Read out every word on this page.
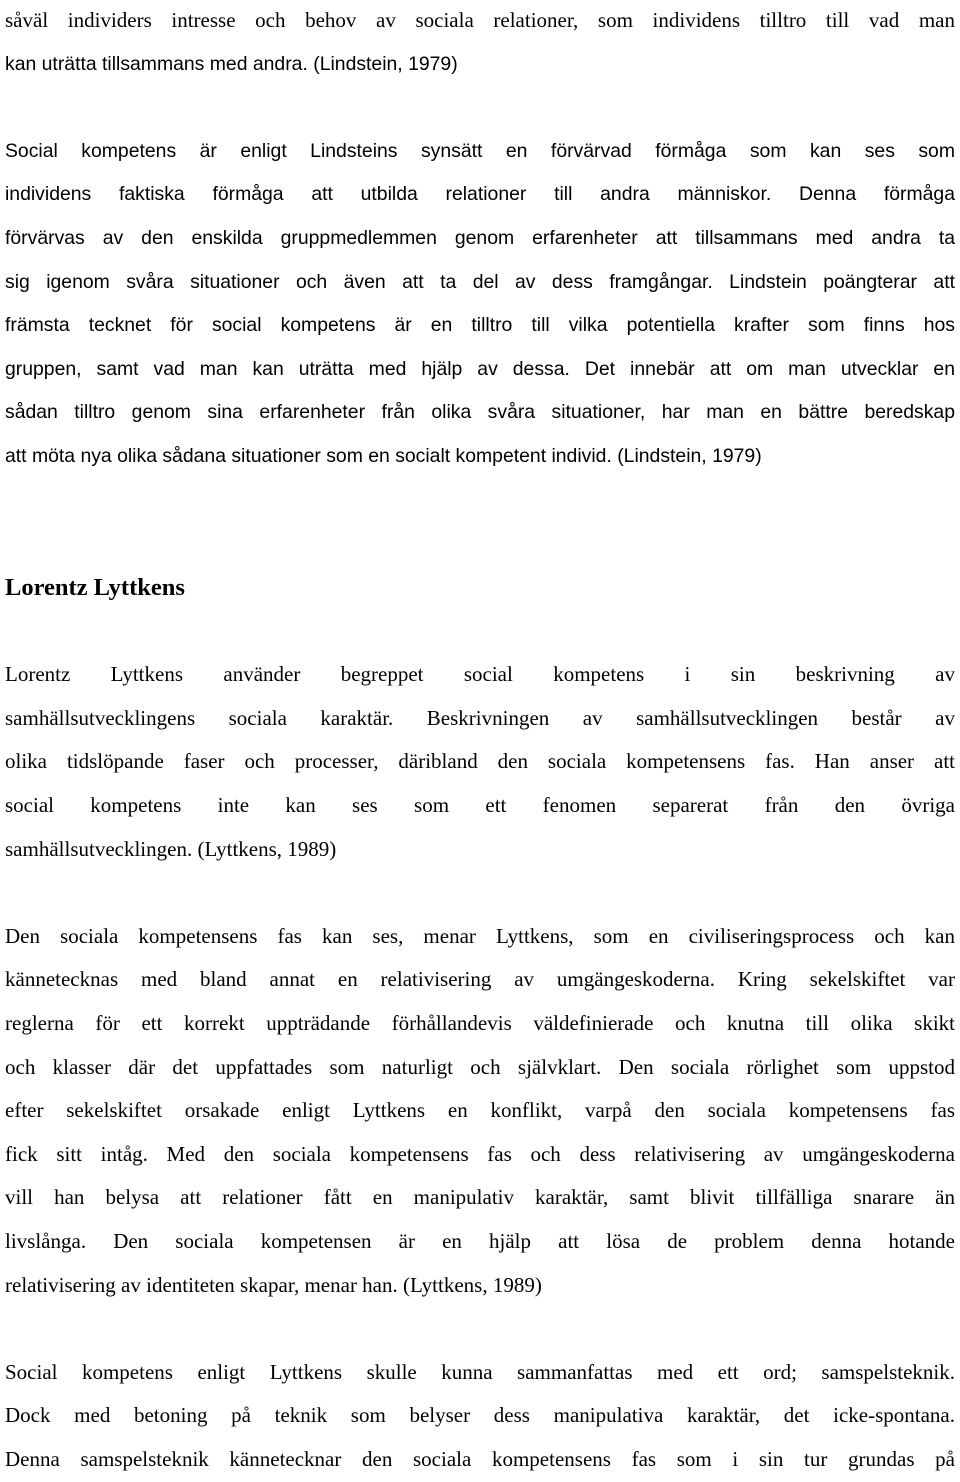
såväl individers intresse och behov av sociala relationer, som individens tilltro till vad man
kan uträtta tillsammans med andra. (Lindstein, 1979)
Social kompetens är enligt Lindsteins synsätt en förvärvad förmåga som kan ses som
individens faktiska förmåga att utbilda relationer till andra människor. Denna förmåga
förvärvas av den enskilda gruppmedlemmen genom erfarenheter att tillsammans med andra ta
sig igenom svåra situationer och även att ta del av dess framgångar. Lindstein poängterar att
främsta tecknet för social kompetens är en tilltro till vilka potentiella krafter som finns hos
gruppen, samt vad man kan uträtta med hjälp av dessa. Det innebär att om man utvecklar en
sådan tilltro genom sina erfarenheter från olika svåra situationer, har man en bättre beredskap
att möta nya olika sådana situationer som en socialt kompetent individ. (Lindstein, 1979)
Lorentz Lyttkens
Lorentz Lyttkens använder begreppet social kompetens i sin beskrivning av
samhällsutvecklingens sociala karaktär. Beskrivningen av samhällsutvecklingen består av
olika tidslöpande faser och processer, däribland den sociala kompetensens fas. Han anser att
social kompetens inte kan ses som ett fenomen separerat från den övriga
samhällsutvecklingen. (Lyttkens, 1989)
Den sociala kompetensens fas kan ses, menar Lyttkens, som en civiliseringsprocess och kan
kännetecknas med bland annat en relativisering av umgängeskoderna. Kring sekelskiftet var
reglerna för ett korrekt uppträdande förhållandevis väldefinierade och knutna till olika skikt
och klasser där det uppfattades som naturligt och självklart. Den sociala rörlighet som uppstod
efter sekelskiftet orsakade enligt Lyttkens en konflikt, varpå den sociala kompetensens fas
fick sitt intåg. Med den sociala kompetensens fas och dess relativisering av umgängeskoderna
vill han belysa att relationer fått en manipulativ karaktär, samt blivit tillfälliga snarare än
livslånga. Den sociala kompetensen är en hjälp att lösa de problem denna hotande
relativisering av identiteten skapar, menar han. (Lyttkens, 1989)
Social kompetens enligt Lyttkens skulle kunna sammanfattas med ett ord; samspelsteknik.
Dock med betoning på teknik som belyser dess manipulativa karaktär, det icke-spontana.
Denna samspelsteknik kännetecknar den sociala kompetensens fas som i sin tur grundas på
